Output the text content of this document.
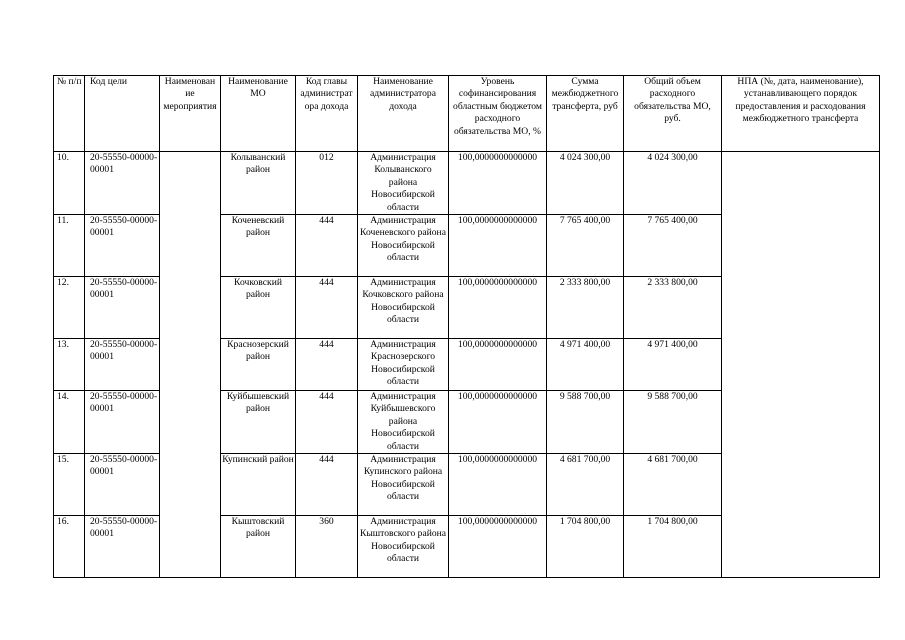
№ п/п	Код цели	Наименован ие мероприятия	Наименование МО	Код главы администрат ора дохода	Наименование администратора дохода	Уровень софинансирования областным бюджетом расходного обязательства МО, %	Сумма межбюджетного трансферта, руб	Общий объем расходного обязательства МО, руб.	НПА (№, дата, наименование), устанавливающего порядок предоставления и расходования межбюджетного трансферта
10.	20-55550-00000-00001		Колыванский район	012	Администрация Колыванского района Новосибирской области	100,0000000000000	4 024 300,00	4 024 300,00	
11.	20-55550-00000-00001		Коченевский район	444	Администрация Коченевского района Новосибирской области	100,0000000000000	7 765 400,00	7 765 400,00	
12.	20-55550-00000-00001		Кочковский район	444	Администрация Кочковского района Новосибирской области	100,0000000000000	2 333 800,00	2 333 800,00	
13.	20-55550-00000-00001		Краснозерский район	444	Администрация Краснозерского Новосибирской области	100,0000000000000	4 971 400,00	4 971 400,00	
14.	20-55550-00000-00001		Куйбышевский район	444	Администрация Куйбышевского района Новосибирской области	100,0000000000000	9 588 700,00	9 588 700,00	
15.	20-55550-00000-00001		Купинский район	444	Администрация Купинского района Новосибирской области	100,0000000000000	4 681 700,00	4 681 700,00	
16.	20-55550-00000-00001		Кыштовский район	360	Администрация Кыштовского района Новосибирской области	100,0000000000000	1 704 800,00	1 704 800,00	
